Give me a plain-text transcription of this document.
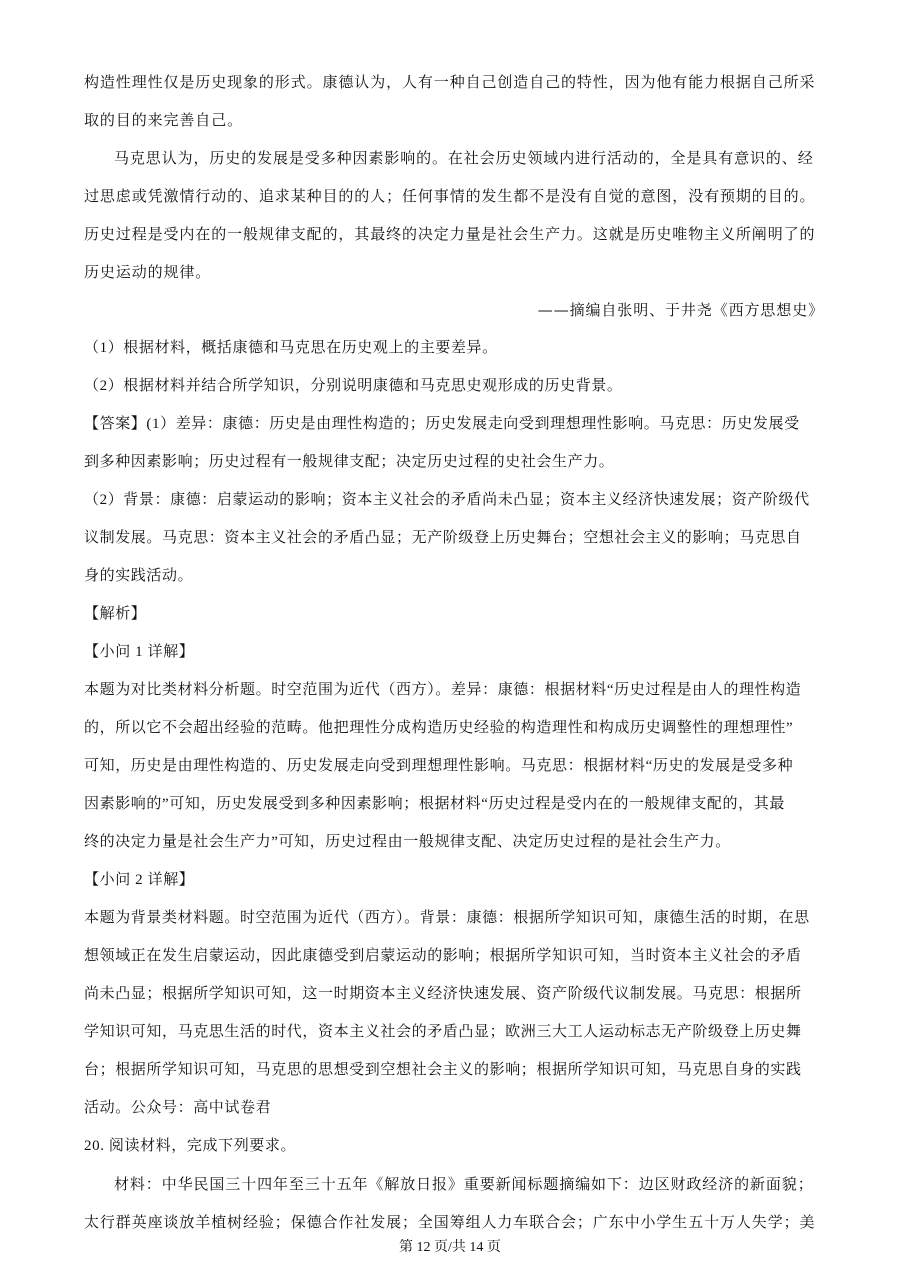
构造性理性仅是历史现象的形式。康德认为，人有一种自己创造自己的特性，因为他有能力根据自己所采
取的目的来完善自己。
马克思认为，历史的发展是受多种因素影响的。在社会历史领域内进行活动的，全是具有意识的、经
过思虑或凭激情行动的、追求某种目的的人；任何事情的发生都不是没有自觉的意图，没有预期的目的。
历史过程是受内在的一般规律支配的，其最终的决定力量是社会生产力。这就是历史唯物主义所阐明了的
历史运动的规律。
——摘编自张明、于井尧《西方思想史》
（1）根据材料，概括康德和马克思在历史观上的主要差异。
（2）根据材料并结合所学知识，分别说明康德和马克思史观形成的历史背景。
【答案】(1）差异：康德：历史是由理性构造的；历史发展走向受到理想理性影响。马克思：历史发展受
到多种因素影响；历史过程有一般规律支配；决定历史过程的史社会生产力。
（2）背景：康德：启蒙运动的影响；资本主义社会的矛盾尚未凸显；资本主义经济快速发展；资产阶级代
议制发展。马克思：资本主义社会的矛盾凸显；无产阶级登上历史舞台；空想社会主义的影响；马克思自
身的实践活动。
【解析】
【小问 1 详解】
本题为对比类材料分析题。时空范围为近代（西方）。差异：康德：根据材料“历史过程是由人的理性构造
的，所以它不会超出经验的范畴。他把理性分成构造历史经验的构造理性和构成历史调整性的理想理性”
可知，历史是由理性构造的、历史发展走向受到理想理性影响。马克思：根据材料“历史的发展是受多种
因素影响的”可知，历史发展受到多种因素影响；根据材料“历史过程是受内在的一般规律支配的，其最
终的决定力量是社会生产力”可知，历史过程由一般规律支配、决定历史过程的是社会生产力。
【小问 2 详解】
本题为背景类材料题。时空范围为近代（西方）。背景：康德：根据所学知识可知，康德生活的时期，在思
想领域正在发生启蒙运动，因此康德受到启蒙运动的影响；根据所学知识可知，当时资本主义社会的矛盾
尚未凸显；根据所学知识可知，这一时期资本主义经济快速发展、资产阶级代议制发展。马克思：根据所
学知识可知，马克思生活的时代，资本主义社会的矛盾凸显；欧洲三大工人运动标志无产阶级登上历史舞
台；根据所学知识可知，马克思的思想受到空想社会主义的影响；根据所学知识可知，马克思自身的实践
活动。公众号：高中试卷君
20. 阅读材料，完成下列要求。
材料：中华民国三十四年至三十五年《解放日报》重要新闻标题摘编如下：边区财政经济的新面貌；
太行群英座谈放羊植树经验；保德合作社发展；全国筹组人力车联合会；广东中小学生五十万人失学；美
第 12 页/共 14 页
